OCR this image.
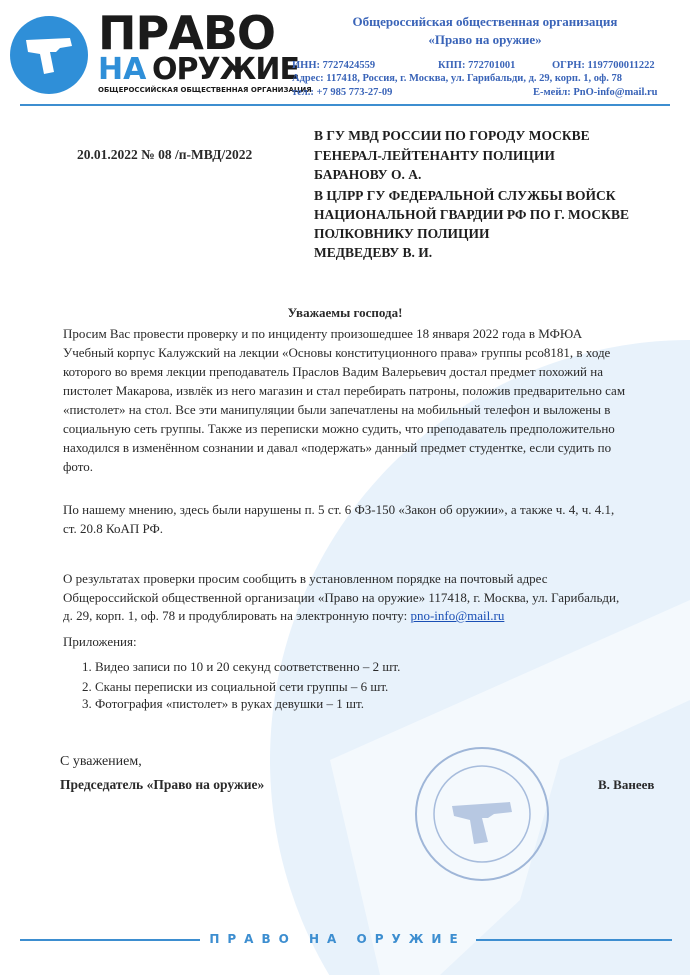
ПРАВО
НА ОРУЖИЕ
ОБЩЕРОССИЙСКАЯ ОБЩЕСТВЕННАЯ ОРГАНИЗАЦИЯ
Общероссийская общественная организация
«Право на оружие»
ИНН: 7727424559	КПП: 772701001	ОГРН: 1197700011222
Адрес: 117418, Россия, г. Москва, ул. Гарибальди, д. 29, корп. 1, оф. 78
тел.: +7 985 773-27-09	E-мейл: PnO-info@mail.ru
20.01.2022 № 08 /п-МВД/2022
В ГУ МВД РОССИИ ПО ГОРОДУ МОСКВЕ
ГЕНЕРАЛ-ЛЕЙТЕНАНТУ ПОЛИЦИИ
БАРАНОВУ О. А.
В ЦЛРР ГУ ФЕДЕРАЛЬНОЙ СЛУЖБЫ ВОЙСК
НАЦИОНАЛЬНОЙ ГВАРДИИ РФ ПО Г. МОСКВЕ
ПОЛКОВНИКУ ПОЛИЦИИ
МЕДВЕДЕВУ В. И.
Уважаемы господа!
Просим Вас провести проверку и по инциденту произошедшее 18 января 2022 года в МФЮА
Учебный корпус Калужский на лекции «Основы конституционного права» группы рсо8181, в ходе
которого во время лекции преподаватель Праслов Вадим Валерьевич достал предмет похожий на
пистолет Макарова, извлёк из него магазин и стал перебирать патроны, положив предварительно сам
«пистолет» на стол. Все эти манипуляции были запечатлены на мобильный телефон и выложены в
социальную сеть группы. Также из переписки можно судить, что преподаватель предположительно
находился в изменённом сознании и давал «подержать» данный предмет студентке, если судить по
фото.
По нашему мнению, здесь были нарушены п. 5 ст. 6 ФЗ-150 «Закон об оружии», а также ч. 4, ч. 4.1,
ст. 20.8 КоАП РФ.
О результатах проверки просим сообщить в установленном порядке на почтовый адрес
Общероссийской общественной организации «Право на оружие» 117418, г. Москва, ул. Гарибальди,
д. 29, корп. 1, оф. 78 и продублировать на электронную почту: pno-info@mail.ru
Приложения:
1. Видео записи по 10 и 20 секунд соответственно – 2 шт.
2. Сканы переписки из социальной сети группы – 6 шт.
3. Фотография «пистолет» в руках девушки – 1 шт.
С уважением,
Председатель «Право на оружие»	В. Ванеев
ПРАВО НА ОРУЖИЕ
